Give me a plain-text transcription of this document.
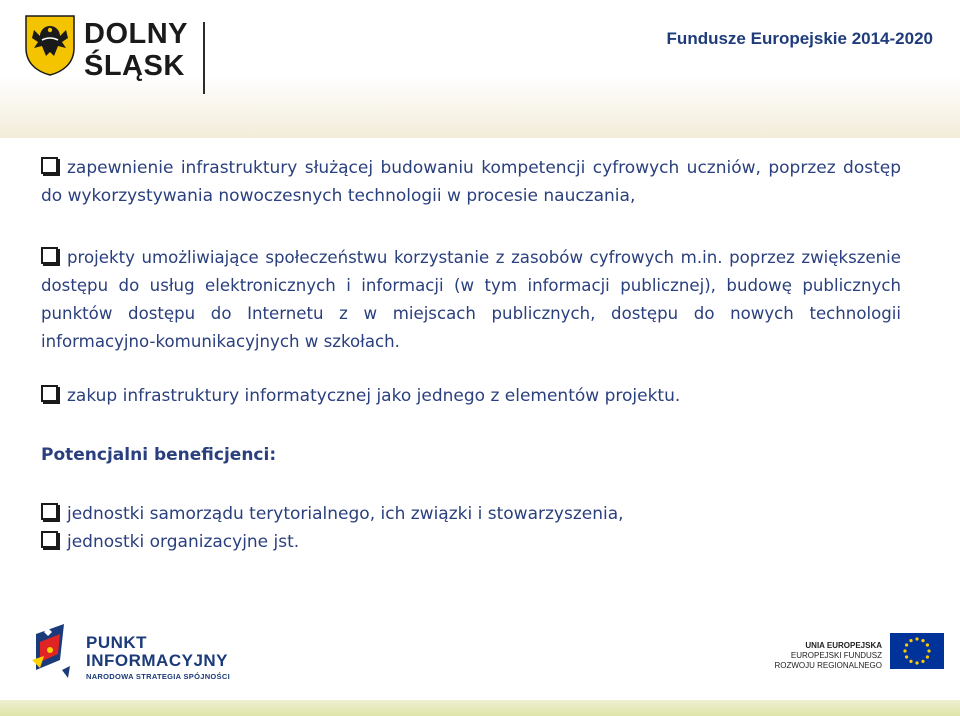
DOLNY
ŚLĄSK
Fundusze Europejskie 2014-2020
zapewnienie infrastruktury służącej budowaniu kompetencji cyfrowych uczniów, poprzez dostęp do wykorzystywania nowoczesnych technologii w procesie nauczania,
projekty umożliwiające społeczeństwu korzystanie z zasobów cyfrowych m.in. poprzez zwiększenie dostępu do usług elektronicznych i informacji (w tym informacji publicznej), budowę publicznych punktów dostępu do Internetu z w miejscach publicznych, dostępu do nowych technologii informacyjno-komunikacyjnych w szkołach.
zakup infrastruktury informatycznej jako jednego z elementów projektu.
Potencjalni beneficjenci:
jednostki samorządu terytorialnego, ich związki i stowarzyszenia,
jednostki organizacyjne jst.
PUNKT
INFORMACYJNY
NARODOWA STRATEGIA SPÓJNOŚCI
UNIA EUROPEJSKA
EUROPEJSKI FUNDUSZ
ROZWOJU REGIONALNEGO
